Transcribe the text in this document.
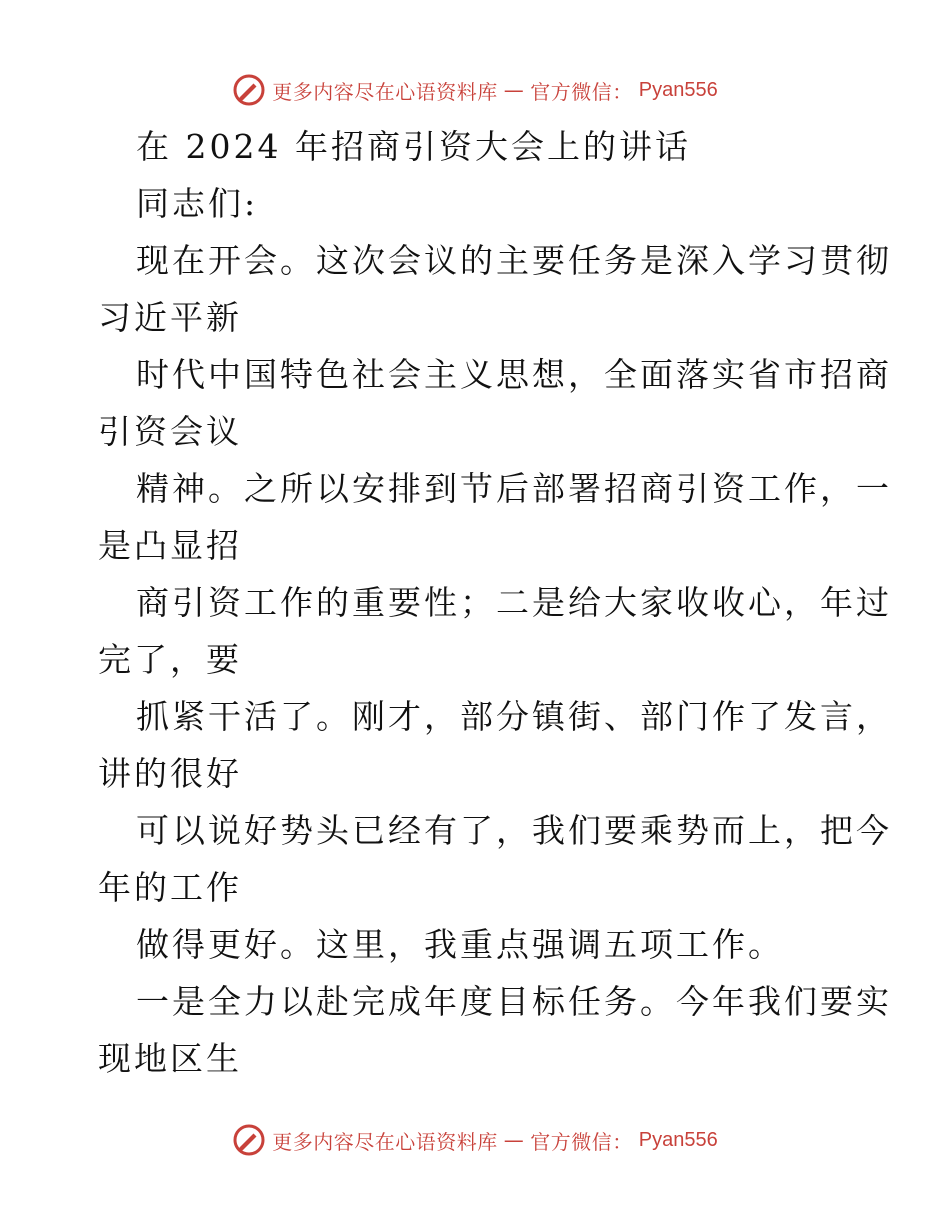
更多内容尽在心语资料库 — 官方微信： Pyan556
在 2024 年招商引资大会上的讲话
同志们:
现在开会。这次会议的主要任务是深入学习贯彻
习近平新
时代中国特色社会主义思想，全面落实省市招商
引资会议
精神。之所以安排到节后部署招商引资工作，一
是凸显招
商引资工作的重要性；二是给大家收收心，年过
完了，要
抓紧干活了。刚才，部分镇街、部门作了发言，
讲的很好
可以说好势头已经有了，我们要乘势而上，把今
年的工作
做得更好。这里，我重点强调五项工作。
一是全力以赴完成年度目标任务。今年我们要实
现地区生
更多内容尽在心语资料库 — 官方微信： Pyan556
